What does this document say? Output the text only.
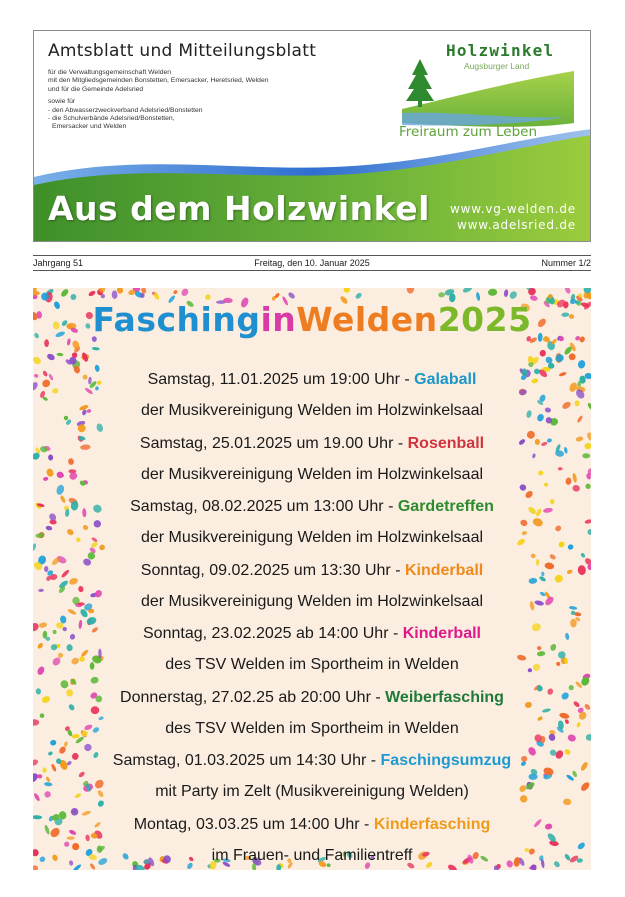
Amtsblatt und Mitteilungsblatt
für die Verwaltungsgemeinschaft Welden
mit den Mitgliedsgemeinden Bonstetten, Emersacker, Heretsried, Welden
und für die Gemeinde Adelsried
sowie für
- den Abwasserzweckverband Adelsried/Bonstetten
- die Schulverbände Adelsried/Bonstetten,
Emersacker und Welden
Holzwinkel
Augsburger Land
Freiraum zum Leben
Aus dem Holzwinkel www.vg-welden.de
www.adelsried.de
Freitag, den 10. Januar 2025
Jahrgang 51	Nummer 1/2
FaschinginWelden2025
Samstag, 11.01.2025 um 19:00 Uhr - Galaball
der Musikvereinigung Welden im Holzwinkelsaal
Samstag, 25.01.2025 um 19.00 Uhr - Rosenball
der Musikvereinigung Welden im Holzwinkelsaal
Samstag, 08.02.2025 um 13:00 Uhr - Gardetreffen
der Musikvereinigung Welden im Holzwinkelsaal
Sonntag, 09.02.2025 um 13:30 Uhr - Kinderball
der Musikvereinigung Welden im Holzwinkelsaal
Sonntag, 23.02.2025 ab 14:00 Uhr - Kinderball
des TSV Welden im Sportheim in Welden
Donnerstag, 27.02.25 ab 20:00 Uhr - Weiberfasching
des TSV Welden im Sportheim in Welden
Samstag, 01.03.2025 um 14:30 Uhr - Faschingsumzug
mit Party im Zelt (Musikvereinigung Welden)
Montag, 03.03.25 um 14:00 Uhr - Kinderfasching
im Frauen- und Familientreff
